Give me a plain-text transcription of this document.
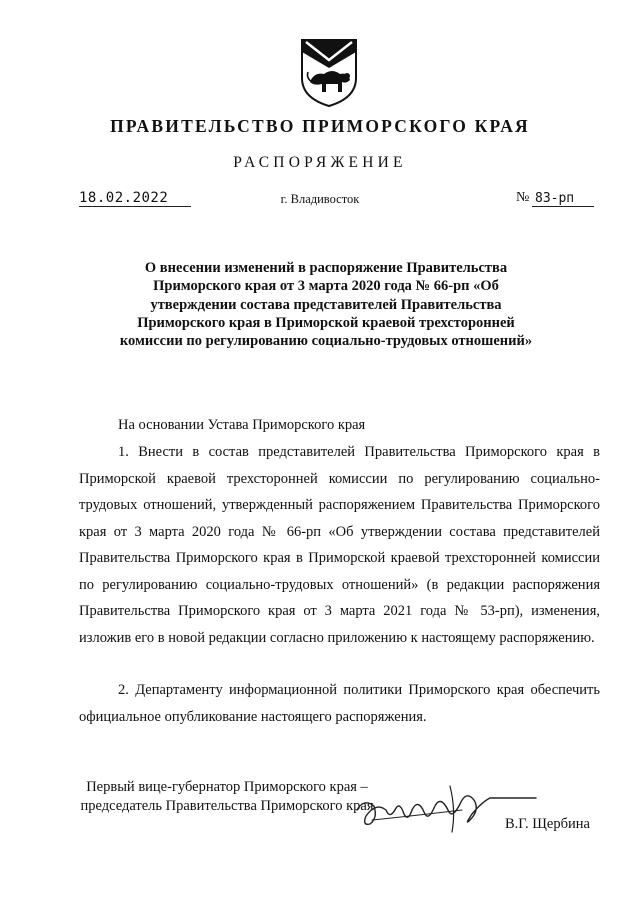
ПРАВИТЕЛЬСТВО ПРИМОРСКОГО КРАЯ
РАСПОРЯЖЕНИЕ
18.02.2022	г. Владивосток	№ 83-рп
О внесении изменений в распоряжение Правительства Приморского края от 3 марта 2020 года № 66-рп «Об утверждении состава представителей Правительства Приморского края в Приморской краевой трехсторонней комиссии по регулированию социально-трудовых отношений»
На основании Устава Приморского края
1. Внести в состав представителей Правительства Приморского края в Приморской краевой трехсторонней комиссии по регулированию социально-трудовых отношений, утвержденный распоряжением Правительства Приморского края от 3 марта 2020 года № 66-рп «Об утверждении состава представителей Правительства Приморского края в Приморской краевой трехсторонней комиссии по регулированию социально-трудовых отношений» (в редакции распоряжения Правительства Приморского края от 3 марта 2021 года № 53-рп), изменения, изложив его в новой редакции согласно приложению к настоящему распоряжению.
2. Департаменту информационной политики Приморского края обеспечить официальное опубликование настоящего распоряжения.
Первый вице-губернатор Приморского края – председатель Правительства Приморского края
В.Г. Щербина
